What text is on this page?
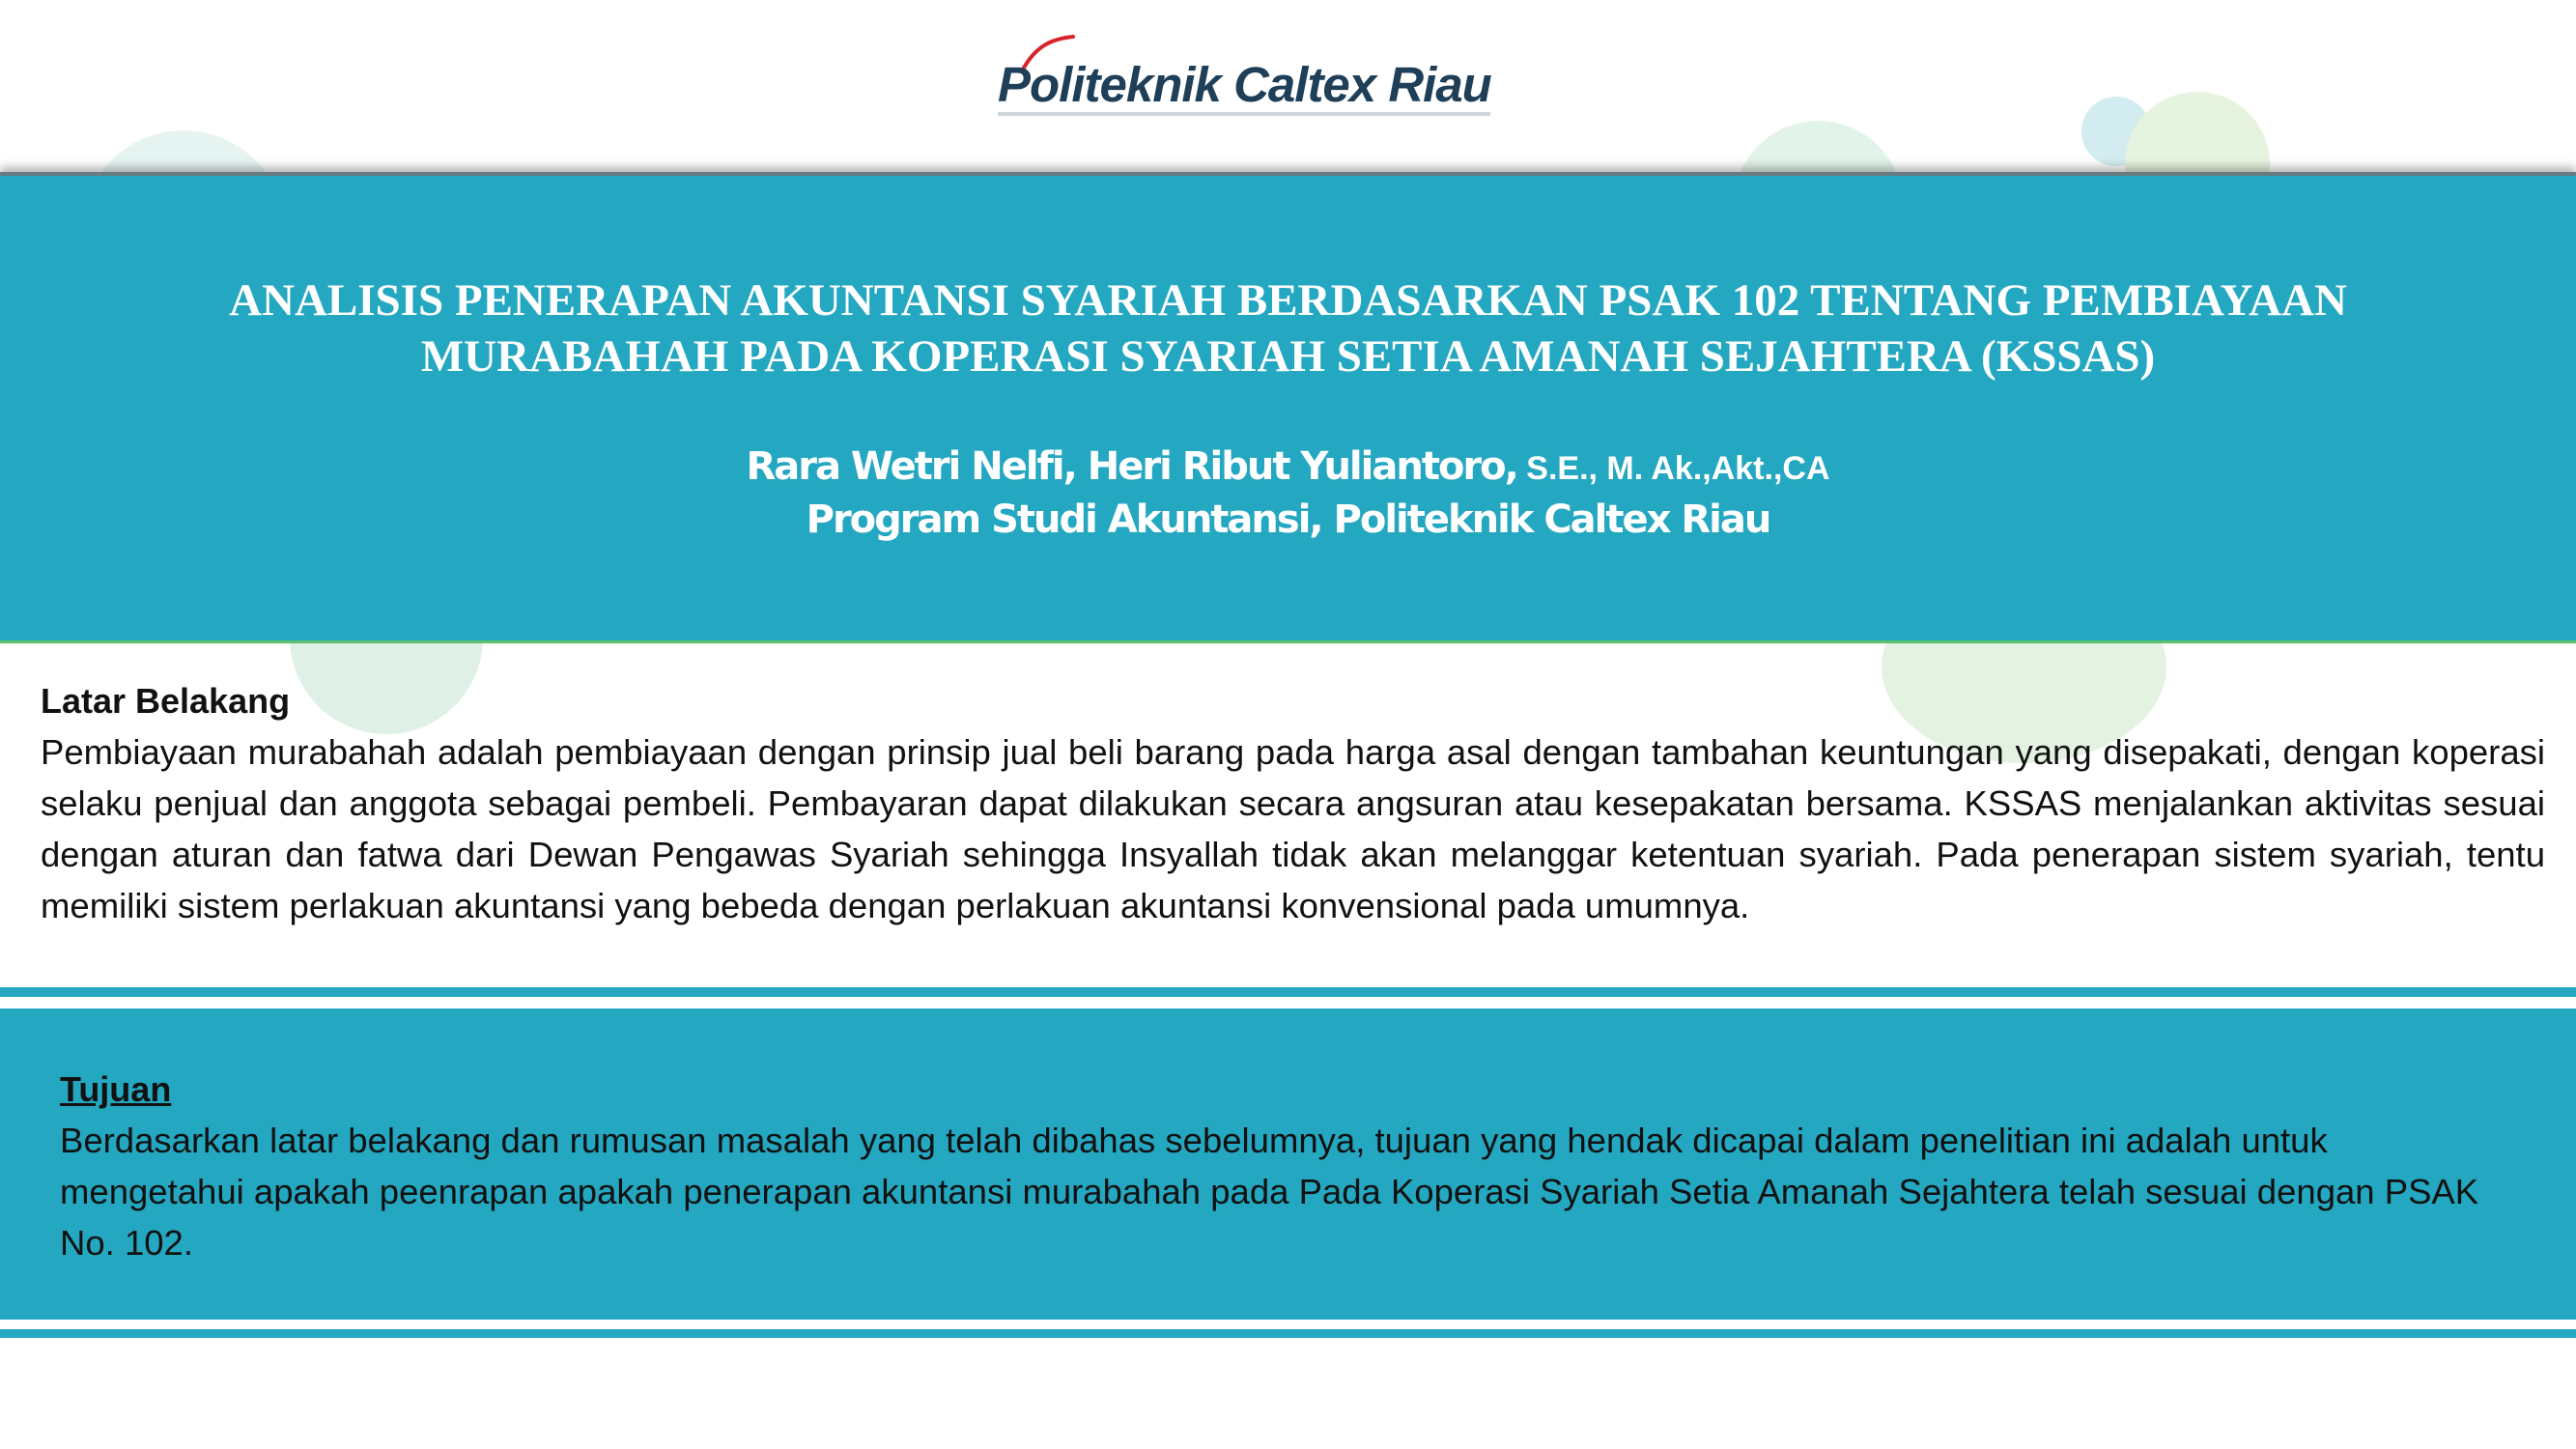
Politeknik Caltex Riau
ANALISIS PENERAPAN AKUNTANSI SYARIAH BERDASARKAN PSAK 102 TENTANG PEMBIAYAAN
MURABAHAH PADA KOPERASI SYARIAH SETIA AMANAH SEJAHTERA (KSSAS)
Rara Wetri Nelfi, Heri Ribut Yuliantoro, S.E., M. Ak.,Akt.,CA
Program Studi Akuntansi, Politeknik Caltex Riau
Latar Belakang
Pembiayaan murabahah adalah pembiayaan dengan prinsip jual beli barang pada harga asal dengan tambahan keuntungan yang disepakati, dengan koperasi selaku penjual dan anggota sebagai pembeli. Pembayaran dapat dilakukan secara angsuran atau kesepakatan bersama. KSSAS menjalankan aktivitas sesuai dengan aturan dan fatwa dari Dewan Pengawas Syariah sehingga Insyallah tidak akan melanggar ketentuan syariah. Pada penerapan sistem syariah, tentu memiliki sistem perlakuan akuntansi yang bebeda dengan perlakuan akuntansi konvensional pada umumnya.
Tujuan
Berdasarkan latar belakang dan rumusan masalah yang telah dibahas sebelumnya, tujuan yang hendak dicapai dalam penelitian ini adalah untuk mengetahui apakah peenrapan apakah penerapan akuntansi murabahah pada Pada Koperasi Syariah Setia Amanah Sejahtera telah sesuai dengan PSAK No. 102.
